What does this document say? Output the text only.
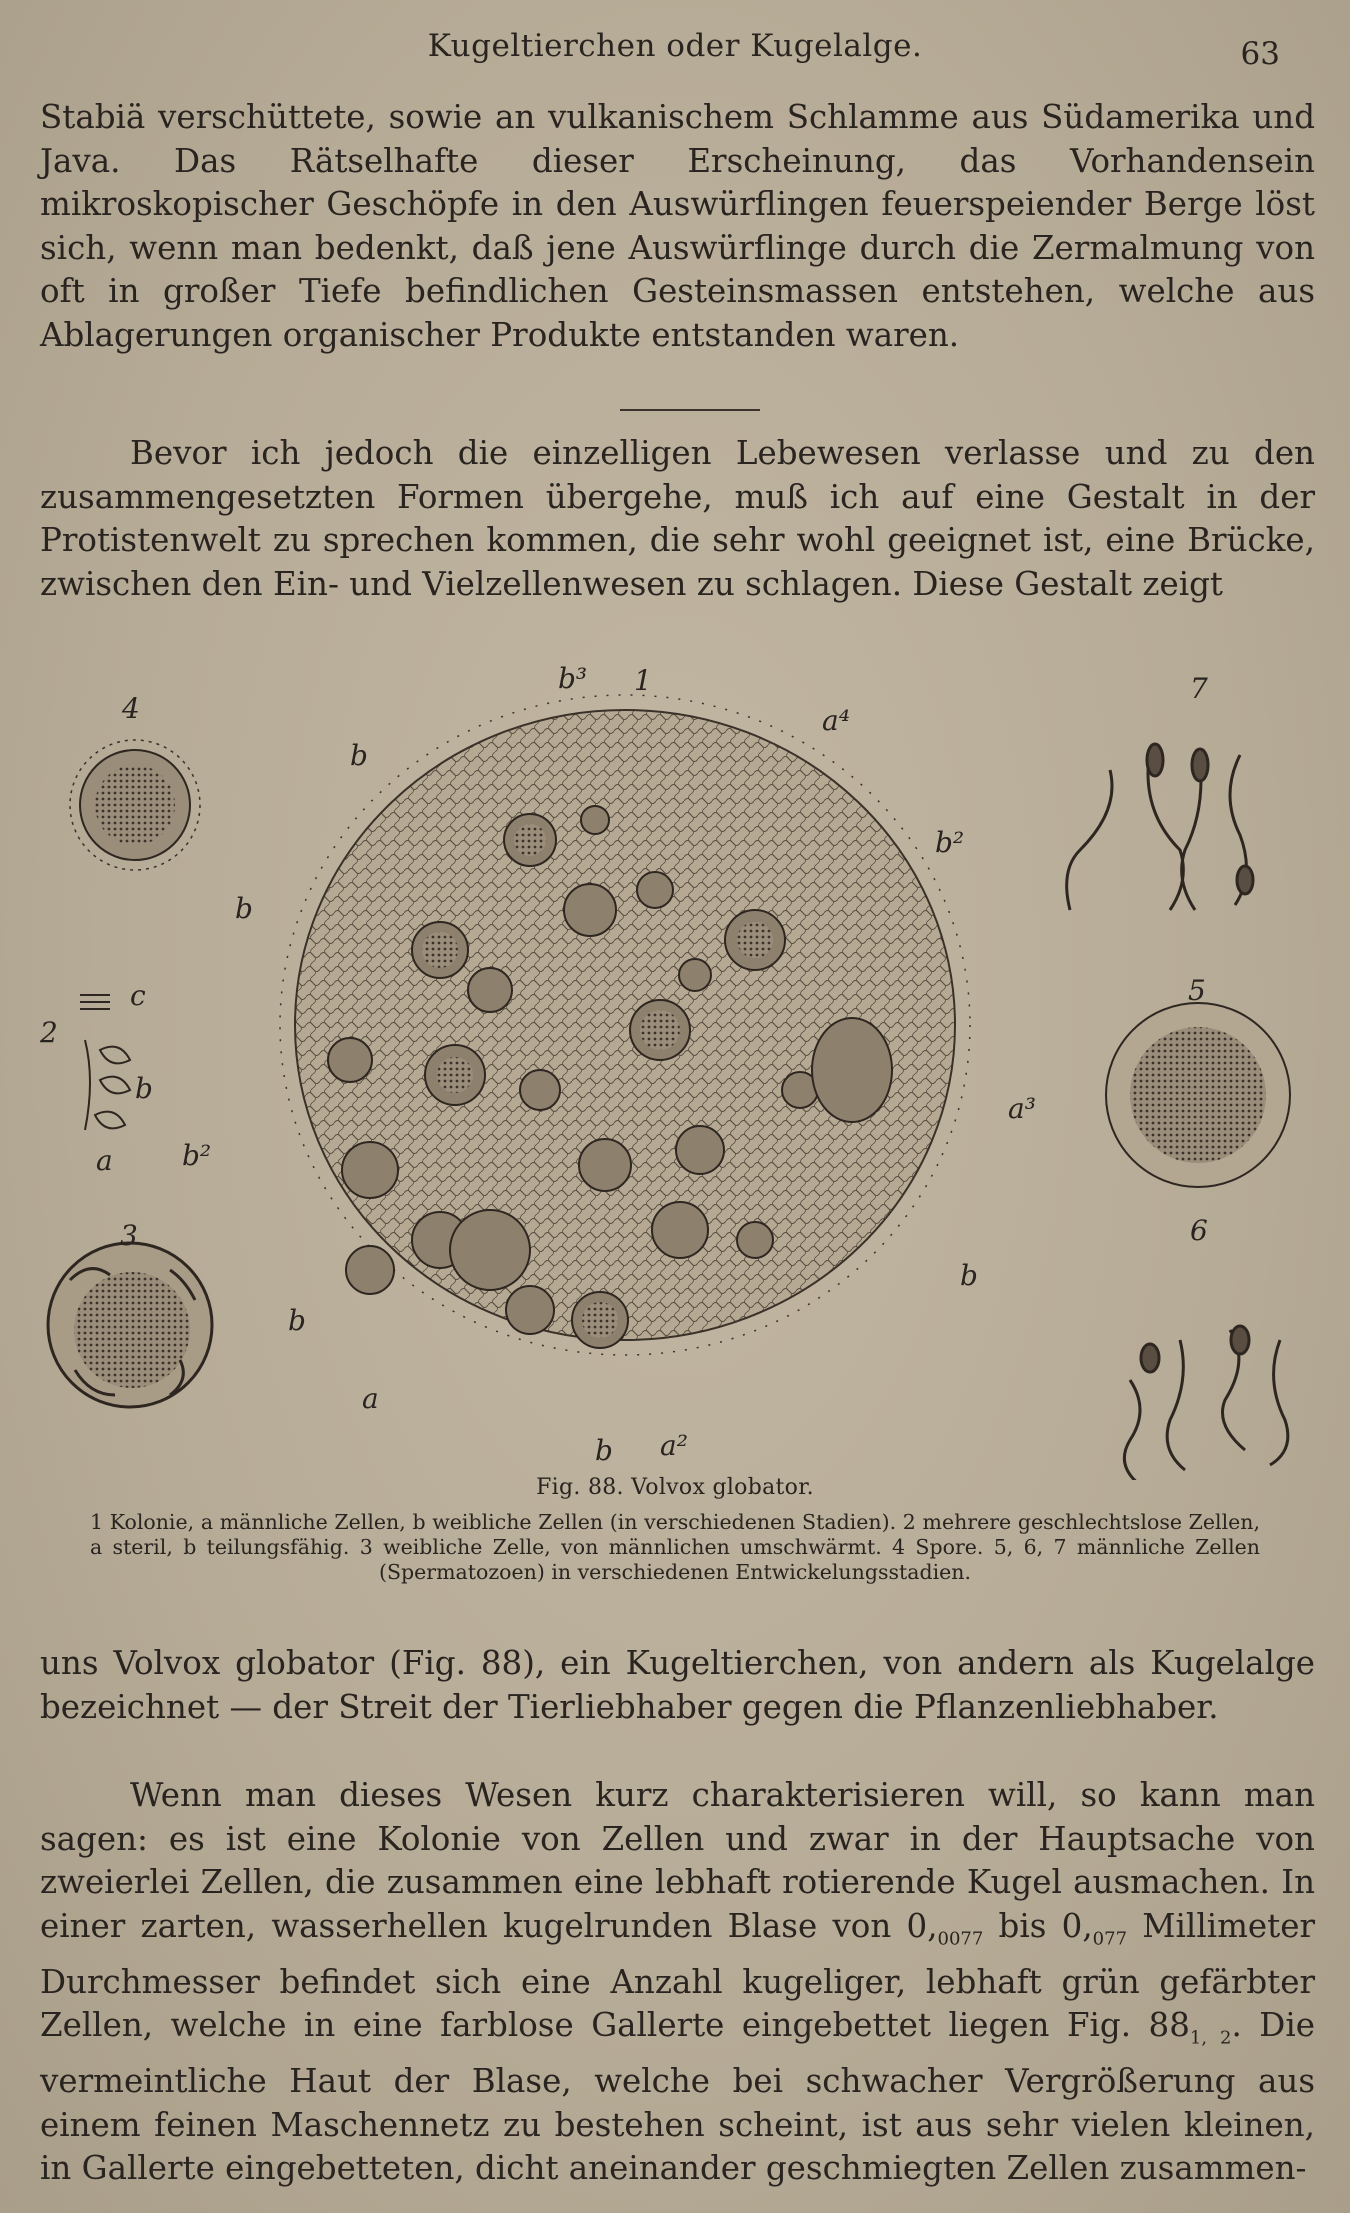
Kugeltierchen oder Kugelalge.	63

Stabiä verschüttete, sowie an vulkanischem Schlamme aus Südamerika und Java. Das Rätselhafte dieser Erscheinung, das Vorhandensein mikroskopischer Geschöpfe in den Auswürflingen feuerspeiender Berge löst sich, wenn man bedenkt, daß jene Auswürflinge durch die Zermalmung von oft in großer Tiefe befindlichen Gesteinsmassen entstehen, welche aus Ablagerungen organischer Produkte entstanden waren.

Bevor ich jedoch die einzelligen Lebewesen verlasse und zu den zusammengesetzten Formen übergehe, muß ich auf eine Gestalt in der Protistenwelt zu sprechen kommen, die sehr wohl geeignet ist, eine Brücke, zwischen den Ein- und Vielzellenwesen zu schlagen. Diese Gestalt zeigt

4
1
b³
a⁴
7
b
b²
b
c
2
b
a b²
5
a³
3	6
b
b
a
b a²
Fig. 88. Volvox globator.

1 Kolonie, a männliche Zellen, b weibliche Zellen (in verschiedenen Stadien). 2 mehrere geschlechtslose Zellen, a steril, b teilungsfähig. 3 weibliche Zelle, von männlichen umschwärmt. 4 Spore. 5, 6, 7 männliche Zellen (Spermatozoen) in verschiedenen Entwickelungsstadien.

uns Volvox globator (Fig. 88), ein Kugeltierchen, von andern als Kugelalge bezeichnet — der Streit der Tierliebhaber gegen die Pflanzenliebhaber.

Wenn man dieses Wesen kurz charakterisieren will, so kann man sagen: es ist eine Kolonie von Zellen und zwar in der Hauptsache von zweierlei Zellen, die zusammen eine lebhaft rotierende Kugel ausmachen. In einer zarten, wasserhellen kugelrunden Blase von $0,_{0077}$ bis $0,_{077}$ Millimeter Durchmesser befindet sich eine Anzahl kugeliger, lebhaft grün gefärbter Zellen, welche in eine farblose Gallerte eingebettet liegen Fig. $88_{1, 2}$. Die vermeintliche Haut der Blase, welche bei schwacher Vergrößerung aus einem feinen Maschennetz zu bestehen scheint, ist aus sehr vielen kleinen, in Gallerte eingebetteten, dicht aneinander geschmiegten Zellen zusammen-
